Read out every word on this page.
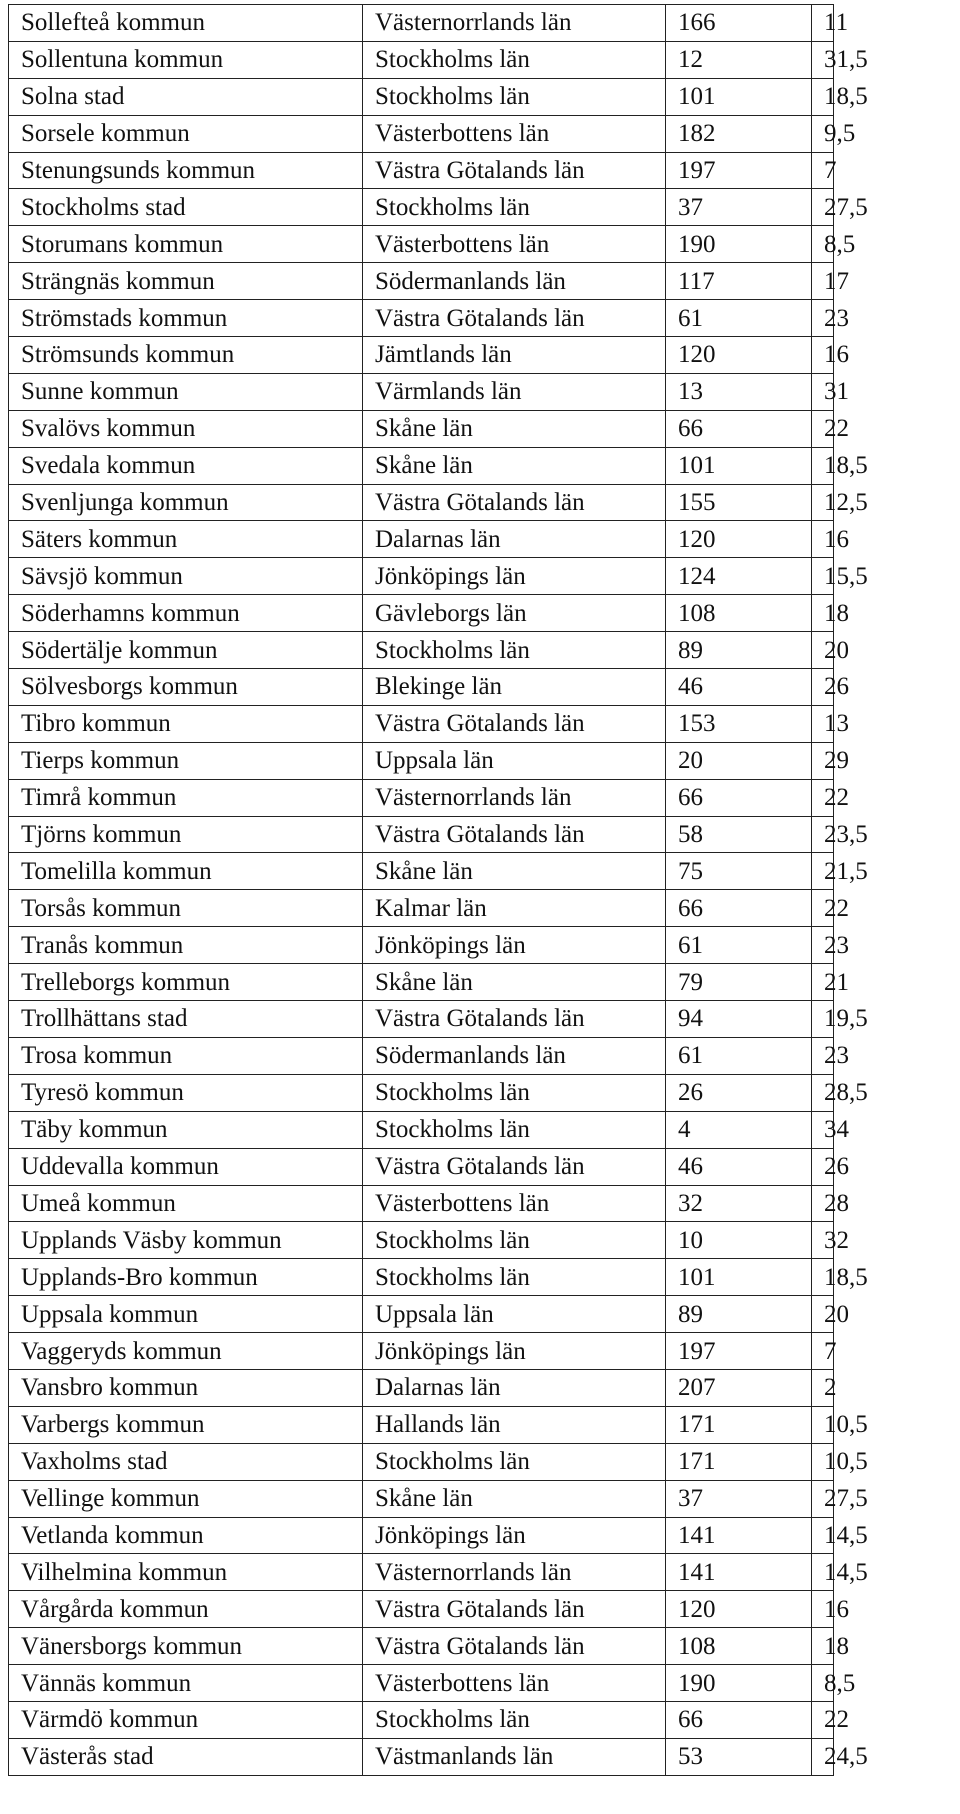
Sollefteå kommun	Västernorrlands län	166	11
Sollentuna kommun	Stockholms län	12	31,5
Solna stad	Stockholms län	101	18,5
Sorsele kommun	Västerbottens län	182	9,5
Stenungsunds kommun	Västra Götalands län	197	7
Stockholms stad	Stockholms län	37	27,5
Storumans kommun	Västerbottens län	190	8,5
Strängnäs kommun	Södermanlands län	117	17
Strömstads kommun	Västra Götalands län	61	23
Strömsunds kommun	Jämtlands län	120	16
Sunne kommun	Värmlands län	13	31
Svalövs kommun	Skåne län	66	22
Svedala kommun	Skåne län	101	18,5
Svenljunga kommun	Västra Götalands län	155	12,5
Säters kommun	Dalarnas län	120	16
Sävsjö kommun	Jönköpings län	124	15,5
Söderhamns kommun	Gävleborgs län	108	18
Södertälje kommun	Stockholms län	89	20
Sölvesborgs kommun	Blekinge län	46	26
Tibro kommun	Västra Götalands län	153	13
Tierps kommun	Uppsala län	20	29
Timrå kommun	Västernorrlands län	66	22
Tjörns kommun	Västra Götalands län	58	23,5
Tomelilla kommun	Skåne län	75	21,5
Torsås kommun	Kalmar län	66	22
Tranås kommun	Jönköpings län	61	23
Trelleborgs kommun	Skåne län	79	21
Trollhättans stad	Västra Götalands län	94	19,5
Trosa kommun	Södermanlands län	61	23
Tyresö kommun	Stockholms län	26	28,5
Täby kommun	Stockholms län	4	34
Uddevalla kommun	Västra Götalands län	46	26
Umeå kommun	Västerbottens län	32	28
Upplands Väsby kommun	Stockholms län	10	32
Upplands-Bro kommun	Stockholms län	101	18,5
Uppsala kommun	Uppsala län	89	20
Vaggeryds kommun	Jönköpings län	197	7
Vansbro kommun	Dalarnas län	207	2
Varbergs kommun	Hallands län	171	10,5
Vaxholms stad	Stockholms län	171	10,5
Vellinge kommun	Skåne län	37	27,5
Vetlanda kommun	Jönköpings län	141	14,5
Vilhelmina kommun	Västernorrlands län	141	14,5
Vårgårda kommun	Västra Götalands län	120	16
Vänersborgs kommun	Västra Götalands län	108	18
Vännäs kommun	Västerbottens län	190	8,5
Värmdö kommun	Stockholms län	66	22
Västerås stad	Västmanlands län	53	24,5
